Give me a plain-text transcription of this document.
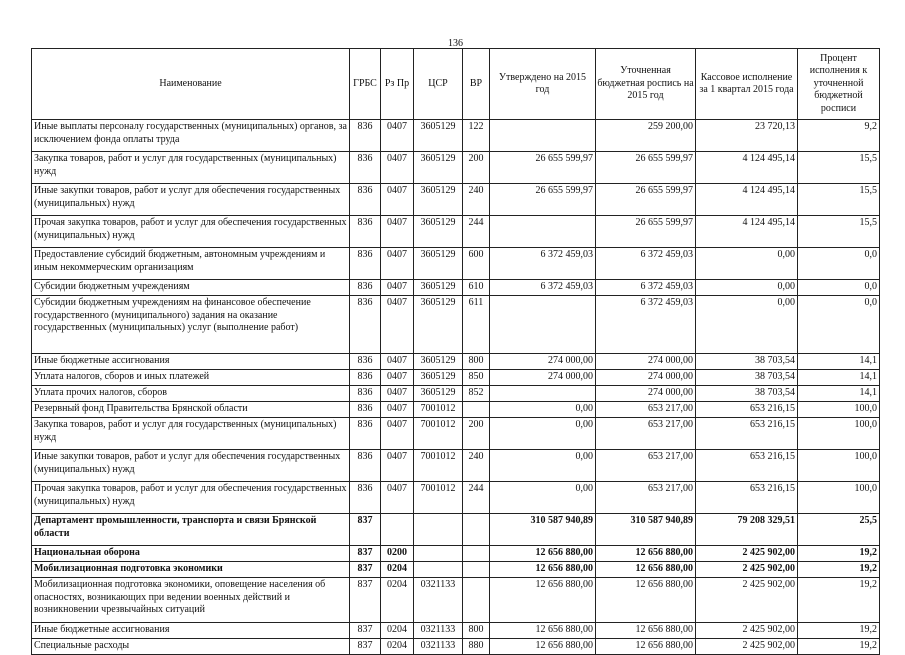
136
Наименование	ГРБС	Рз Пр	ЦСР	ВР	Утверждено на 2015 год	Уточненная бюджетная роспись на 2015 год	Кассовое исполнение за 1 квартал 2015 года	Процент исполнения к уточненной бюджетной росписи
Иные выплаты персоналу государственных (муниципальных) органов, за исключением фонда оплаты труда	836	0407	3605129	122		259 200,00	23 720,13	9,2
Закупка товаров, работ и услуг для государственных (муниципальных) нужд	836	0407	3605129	200	26 655 599,97	26 655 599,97	4 124 495,14	15,5
Иные закупки товаров, работ и услуг для обеспечения государственных (муниципальных) нужд	836	0407	3605129	240	26 655 599,97	26 655 599,97	4 124 495,14	15,5
Прочая закупка товаров, работ и услуг для обеспечения государственных (муниципальных) нужд	836	0407	3605129	244		26 655 599,97	4 124 495,14	15,5
Предоставление субсидий бюджетным, автономным учреждениям и иным некоммерческим организациям	836	0407	3605129	600	6 372 459,03	6 372 459,03	0,00	0,0
Субсидии бюджетным учреждениям	836	0407	3605129	610	6 372 459,03	6 372 459,03	0,00	0,0
Субсидии бюджетным учреждениям на финансовое обеспечение государственного (муниципального) задания на оказание государственных (муниципальных) услуг (выполнение работ)	836	0407	3605129	611		6 372 459,03	0,00	0,0
Иные бюджетные ассигнования	836	0407	3605129	800	274 000,00	274 000,00	38 703,54	14,1
Уплата налогов, сборов и иных платежей	836	0407	3605129	850	274 000,00	274 000,00	38 703,54	14,1
Уплата прочих налогов, сборов	836	0407	3605129	852		274 000,00	38 703,54	14,1
Резервный фонд Правительства Брянской области	836	0407	7001012		0,00	653 217,00	653 216,15	100,0
Закупка товаров, работ и услуг для государственных (муниципальных) нужд	836	0407	7001012	200	0,00	653 217,00	653 216,15	100,0
Иные закупки товаров, работ и услуг для обеспечения государственных (муниципальных) нужд	836	0407	7001012	240	0,00	653 217,00	653 216,15	100,0
Прочая закупка товаров, работ и услуг для обеспечения государственных (муниципальных) нужд	836	0407	7001012	244	0,00	653 217,00	653 216,15	100,0
Департамент промышленности, транспорта и связи Брянской области	837				310 587 940,89	310 587 940,89	79 208 329,51	25,5
Национальная оборона	837	0200			12 656 880,00	12 656 880,00	2 425 902,00	19,2
Мобилизационная подготовка экономики	837	0204			12 656 880,00	12 656 880,00	2 425 902,00	19,2
Мобилизационная подготовка экономики, оповещение населения об опасностях, возникающих при ведении военных действий и возникновении чрезвычайных ситуаций	837	0204	0321133		12 656 880,00	12 656 880,00	2 425 902,00	19,2
Иные бюджетные ассигнования	837	0204	0321133	800	12 656 880,00	12 656 880,00	2 425 902,00	19,2
Специальные расходы	837	0204	0321133	880	12 656 880,00	12 656 880,00	2 425 902,00	19,2
